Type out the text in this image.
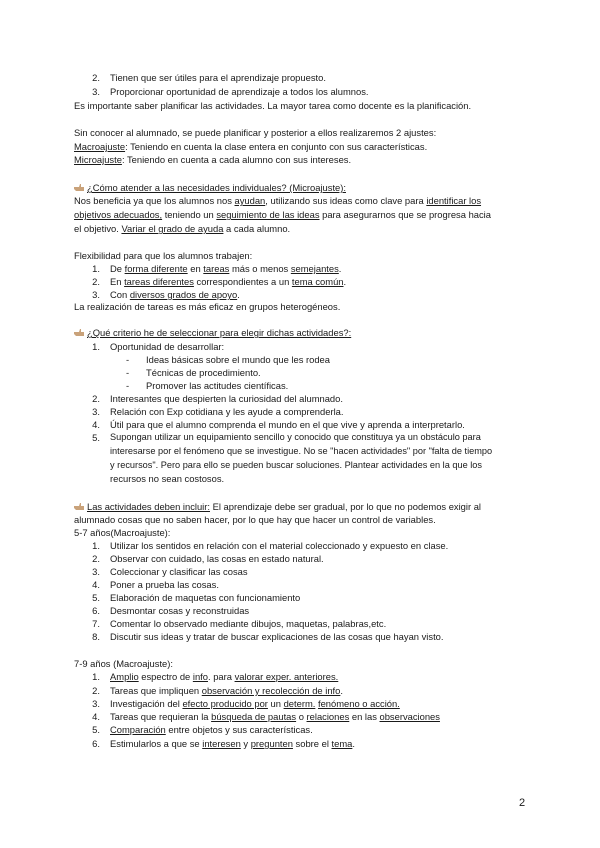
2. Tienen que ser útiles para el aprendizaje propuesto.
3. Proporcionar oportunidad de aprendizaje a todos los alumnos.
Es importante saber planificar las actividades. La mayor tarea como docente es la planificación.
Sin conocer al alumnado, se puede planificar y posterior a ellos realizaremos 2 ajustes:
Macroajuste: Teniendo en cuenta la clase entera en conjunto con sus características.
Microajuste: Teniendo en cuenta a cada alumno con sus intereses.
¿Cómo atender a las necesidades individuales? (Microajuste):
Nos beneficia ya que los alumnos nos ayudan, utilizando sus ideas como clave para identificar los
objetivos adecuados, teniendo un seguimiento de las ideas para asegurarnos que se progresa hacia
el objetivo. Variar el grado de ayuda a cada alumno.
Flexibilidad para que los alumnos trabajen:
1. De forma diferente en tareas más o menos semejantes.
2. En tareas diferentes correspondientes a un tema común.
3. Con diversos grados de apoyo.
La realización de tareas es más eficaz en grupos heterogéneos.
¿Qué criterio he de seleccionar para elegir dichas actividades?:
1. Oportunidad de desarrollar:
- Ideas básicas sobre el mundo que les rodea
- Técnicas de procedimiento.
- Promover las actitudes científicas.
2. Interesantes que despierten la curiosidad del alumnado.
3. Relación con Exp cotidiana y les ayude a comprenderla.
4. Útil para que el alumno comprenda el mundo en el que vive y aprenda a interpretarlo.
5. Supongan utilizar un equipamiento sencillo y conocido que constituya ya un obstáculo para
interesarse por el fenómeno que se investigue. No se "hacen actividades" por "falta de tiempo
y recursos". Pero para ello se pueden buscar soluciones. Plantear actividades en la que los
recursos no sean costosos.
Las actividades deben incluir: El aprendizaje debe ser gradual, por lo que no podemos exigir al
alumnado cosas que no saben hacer, por lo que hay que hacer un control de variables.
5-7 años(Macroajuste):
1. Utilizar los sentidos en relación con el material coleccionado y expuesto en clase.
2. Observar con cuidado, las cosas en estado natural.
3. Coleccionar y clasificar las cosas
4. Poner a prueba las cosas.
5. Elaboración de maquetas con funcionamiento
6. Desmontar cosas y reconstruidas
7. Comentar lo observado mediante dibujos, maquetas, palabras,etc.
8. Discutir sus ideas y tratar de buscar explicaciones de las cosas que hayan visto.
7-9 años (Macroajuste):
1. Amplio espectro de info. para valorar exper. anteriores.
2. Tareas que impliquen observación y recolección de info.
3. Investigación del efecto producido por un determ. fenómeno o acción.
4. Tareas que requieran la búsqueda de pautas o relaciones en las observaciones
5. Comparación entre objetos y sus características.
6. Estimularlos a que se interesen y pregunten sobre el tema.
2
